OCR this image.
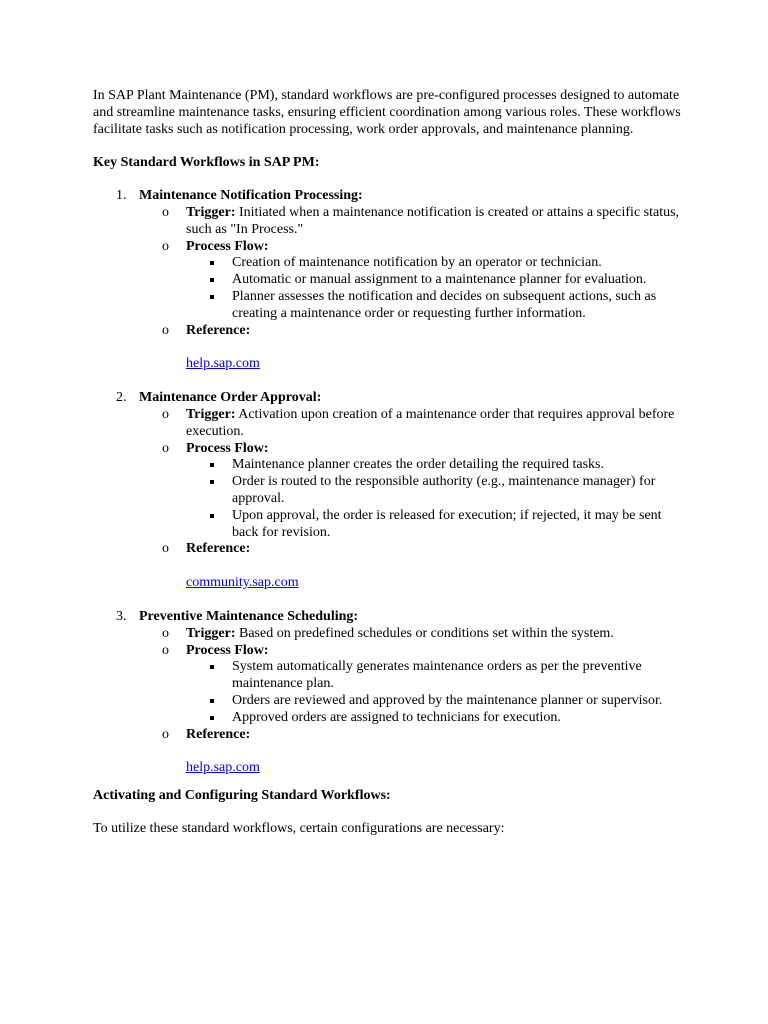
In SAP Plant Maintenance (PM), standard workflows are pre-configured processes designed to automate and streamline maintenance tasks, ensuring efficient coordination among various roles. These workflows facilitate tasks such as notification processing, work order approvals, and maintenance planning.

Key Standard Workflows in SAP PM:

1. Maintenance Notification Processing:
o Trigger: Initiated when a maintenance notification is created or attains a specific status, such as "In Process."
o Process Flow:
Creation of maintenance notification by an operator or technician.
Automatic or manual assignment to a maintenance planner for evaluation.
Planner assesses the notification and decides on subsequent actions, such as creating a maintenance order or requesting further information.
o Reference:
help.sap.com
2. Maintenance Order Approval:
o Trigger: Activation upon creation of a maintenance order that requires approval before execution.
o Process Flow:
Maintenance planner creates the order detailing the required tasks.
Order is routed to the responsible authority (e.g., maintenance manager) for approval.
Upon approval, the order is released for execution; if rejected, it may be sent back for revision.
o Reference:
community.sap.com
3. Preventive Maintenance Scheduling:
o Trigger: Based on predefined schedules or conditions set within the system.
o Process Flow:
System automatically generates maintenance orders as per the preventive maintenance plan.
Orders are reviewed and approved by the maintenance planner or supervisor.
Approved orders are assigned to technicians for execution.
o Reference:
help.sap.com

Activating and Configuring Standard Workflows:

To utilize these standard workflows, certain configurations are necessary:
